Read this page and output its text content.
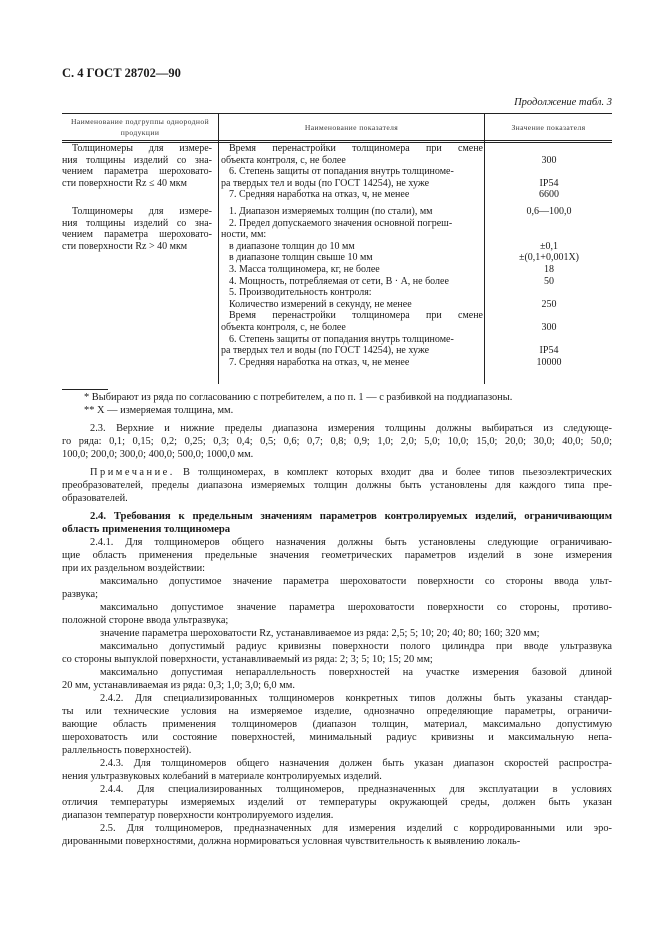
С. 4 ГОСТ 28702—90
Продолжение табл. 3
Наименование подгруппы однородной продукции
Наименование показателя	Значение показателя
Толщиномеры для измере-
ния толщины изделий со зна-
чением параметра шероховато-
сти поверхности Rz ≤ 40 мкм
Время перенастройки толщиномера при смене
объекта контроля, с, не более
6. Степень защиты от попадания внутрь толщиноме-
ра твердых тел и воды (по ГОСТ 14254), не хуже
7. Средняя наработка на отказ, ч, не менее
300
IP54
6600
Толщиномеры для измере-
ния толщины изделий со зна-
чением параметра шероховато-
сти поверхности Rz > 40 мкм
1. Диапазон измеряемых толщин (по стали), мм
2. Предел допускаемого значения основной погреш-
ности, мм:
в диапазоне толщин до 10 мм
в диапазоне толщин свыше 10 мм
3. Масса толщиномера, кг, не более
4. Мощность, потребляемая от сети, В · А, не более
5. Производительность контроля:
Количество измерений в секунду, не менее
Время перенастройки толщиномера при смене
объекта контроля, с, не более
6. Степень защиты от попадания внутрь толщиноме-
ра твердых тел и воды (по ГОСТ 14254), не хуже
7. Средняя наработка на отказ, ч, не менее
0,6—100,0
±0,1
±(0,1+0,001X)
18
50
250
300
IP54
10000
* Выбирают из ряда по согласованию с потребителем, а по п. 1 — с разбивкой на поддиапазоны.
** X — измеряемая толщина, мм.
2.3. Верхние и нижние пределы диапазона измерения толщины должны выбираться из следующе-
го ряда: 0,1; 0,15; 0,2; 0,25; 0,3; 0,4; 0,5; 0,6; 0,7; 0,8; 0,9; 1,0; 2,0; 5,0; 10,0; 15,0; 20,0; 30,0; 40,0; 50,0;
100,0; 200,0; 300,0; 400,0; 500,0; 1000,0 мм.
Примечание. В толщиномерах, в комплект которых входит два и более типов пьезоэлектрических
преобразователей, пределы диапазона измеряемых толщин должны быть установлены для каждого типа пре-
образователей.
2.4. Требования к предельным значениям параметров контролируемых изделий, ограничивающим
область применения толщиномера
2.4.1. Для толщиномеров общего назначения должны быть установлены следующие ограничиваю-
щие область применения предельные значения геометрических параметров изделий в зоне измерения
при их раздельном воздействии:
максимально допустимое значение параметра шероховатости поверхности со стороны ввода ульт-
развука;
максимально допустимое значение параметра шероховатости поверхности со стороны, противо-
положной стороне ввода ультразвука;
значение параметра шероховатости Rz, устанавливаемое из ряда: 2,5; 5; 10; 20; 40; 80; 160; 320 мм;
максимально допустимый радиус кривизны поверхности полого цилиндра при вводе ультразвука
со стороны выпуклой поверхности, устанавливаемый из ряда: 2; 3; 5; 10; 15; 20 мм;
максимально допустимая непараллельность поверхностей на участке измерения базовой длиной
20 мм, устанавливаемая из ряда: 0,3; 1,0; 3,0; 6,0 мм.
2.4.2. Для специализированных толщиномеров конкретных типов должны быть указаны стандар-
ты или технические условия на измеряемое изделие, однозначно определяющие параметры, ограничи-
вающие область применения толщиномеров (диапазон толщин, материал, максимально допустимую
шероховатость или состояние поверхностей, минимальный радиус кривизны и максимальную непа-
раллельность поверхностей).
2.4.3. Для толщиномеров общего назначения должен быть указан диапазон скоростей распростра-
нения ультразвуковых колебаний в материале контролируемых изделий.
2.4.4. Для специализированных толщиномеров, предназначенных для эксплуатации в условиях
отличия температуры измеряемых изделий от температуры окружающей среды, должен быть указан
диапазон температур поверхности контролируемого изделия.
2.5. Для толщиномеров, предназначенных для измерения изделий с корродированными или эро-
дированными поверхностями, должна нормироваться условная чувствительность к выявлению локаль-
